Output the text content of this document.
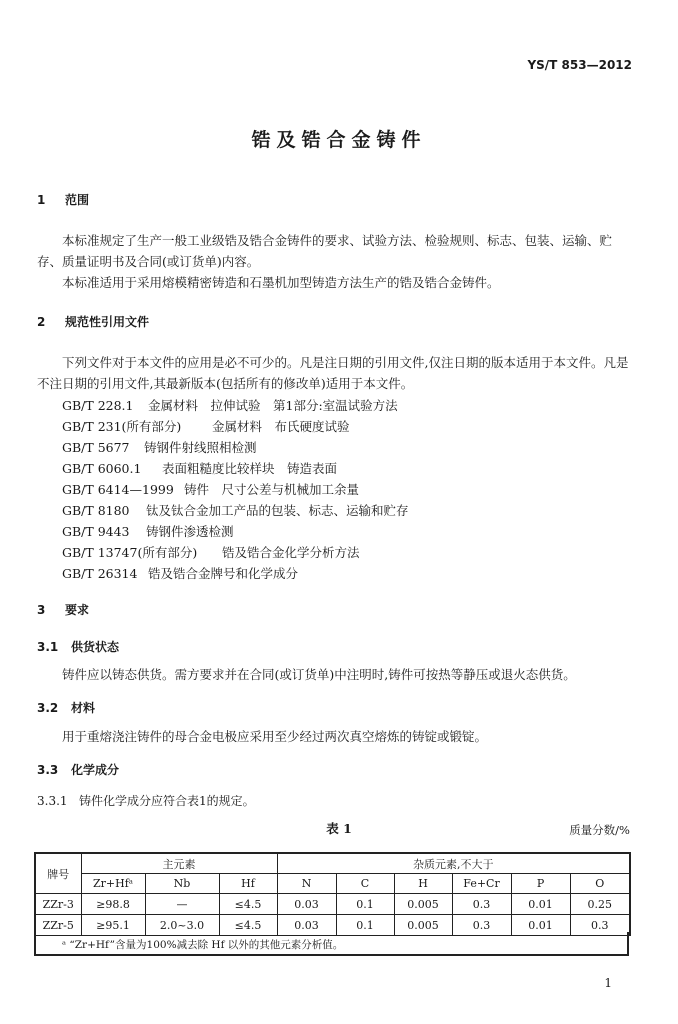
YS/T 853—2012
锆及锆合金铸件
1 范围
本标准规定了生产一般工业级锆及锆合金铸件的要求、试验方法、检验规则、标志、包装、运输、贮存、质量证明书及合同(或订货单)内容。
本标准适用于采用熔模精密铸造和石墨机加型铸造方法生产的锆及锆合金铸件。
2 规范性引用文件
下列文件对于本文件的应用是必不可少的。凡是注日期的引用文件,仅注日期的版本适用于本文件。凡是不注日期的引用文件,其最新版本(包括所有的修改单)适用于本文件。
GB/T 228.1 金属材料　拉伸试验　第1部分:室温试验方法
GB/T 231(所有部分) 金属材料　布氏硬度试验
GB/T 5677 铸钢件射线照相检测
GB/T 6060.1 表面粗糙度比较样块　铸造表面
GB/T 6414—1999 铸件　尺寸公差与机械加工余量
GB/T 8180 钛及钛合金加工产品的包装、标志、运输和贮存
GB/T 9443 铸钢件渗透检测
GB/T 13747(所有部分) 锆及锆合金化学分析方法
GB/T 26314 锆及锆合金牌号和化学成分
3 要求
3.1 供货状态
铸件应以铸态供货。需方要求并在合同(或订货单)中注明时,铸件可按热等静压或退火态供货。
3.2 材料
用于重熔浇注铸件的母合金电极应采用至少经过两次真空熔炼的铸锭或锻锭。
3.3 化学成分
3.3.1 铸件化学成分应符合表1的规定。
表 1	质量分数/%
牌号	主元素			杂质元素,不大于					
	Zr+Hfᵃ	Nb	Hf	N	C	H	Fe+Cr	P	O
ZZr-3	≥98.8	—	≤4.5	0.03	0.1	0.005	0.3	0.01	0.25
ZZr-5	≥95.1	2.0~3.0	≤4.5	0.03	0.1	0.005	0.3	0.01	0.3
ᵃ “Zr+Hf”含量为100%减去除 Hf 以外的其他元素分析值。
1
